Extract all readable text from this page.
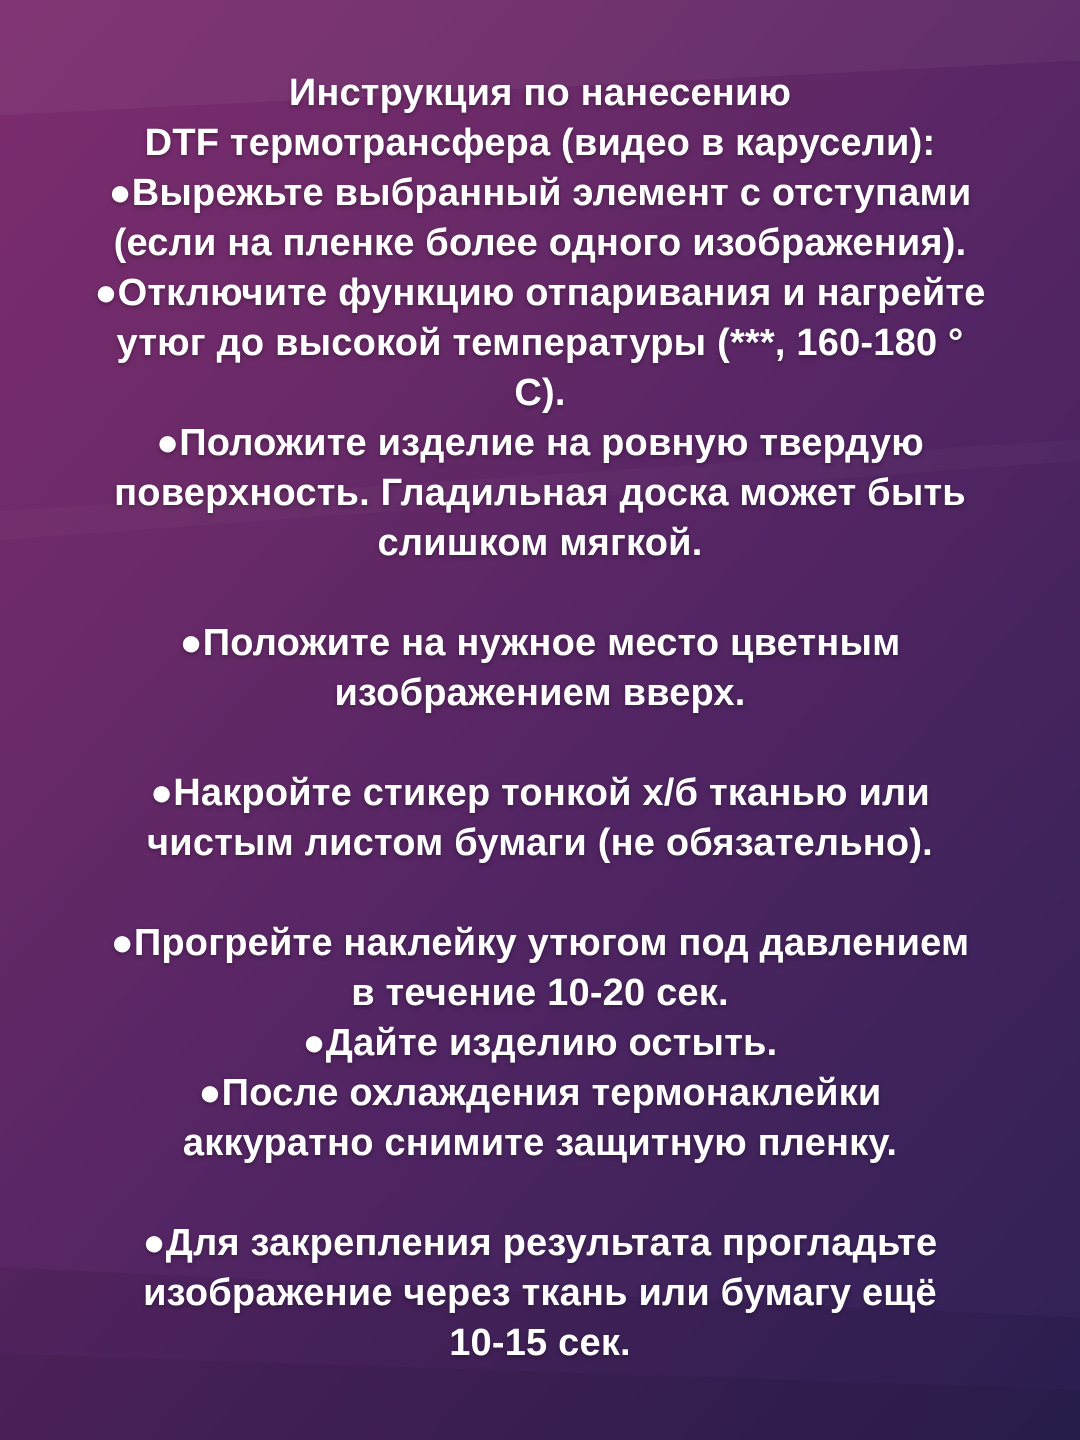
Инструкция по нанесению
DTF термотрансфера (видео в карусели):
●Вырежьте выбранный элемент с отступами
(если на пленке более одного изображения).
●Отключите функцию отпаривания и нагрейте
утюг до высокой температуры (***, 160-180 °
С).
●Положите изделие на ровную твердую
поверхность. Гладильная доска может быть
слишком мягкой.

●Положите на нужное место цветным
изображением вверх.

●Накройте стикер тонкой х/б тканью или
чистым листом бумаги (не обязательно).

●Прогрейте наклейку утюгом под давлением
в течение 10-20 сек.
●Дайте изделию остыть.
●После охлаждения термонаклейки
аккуратно снимите защитную пленку.

●Для закрепления результата прогладьте
изображение через ткань или бумагу ещё
10-15 сек.
